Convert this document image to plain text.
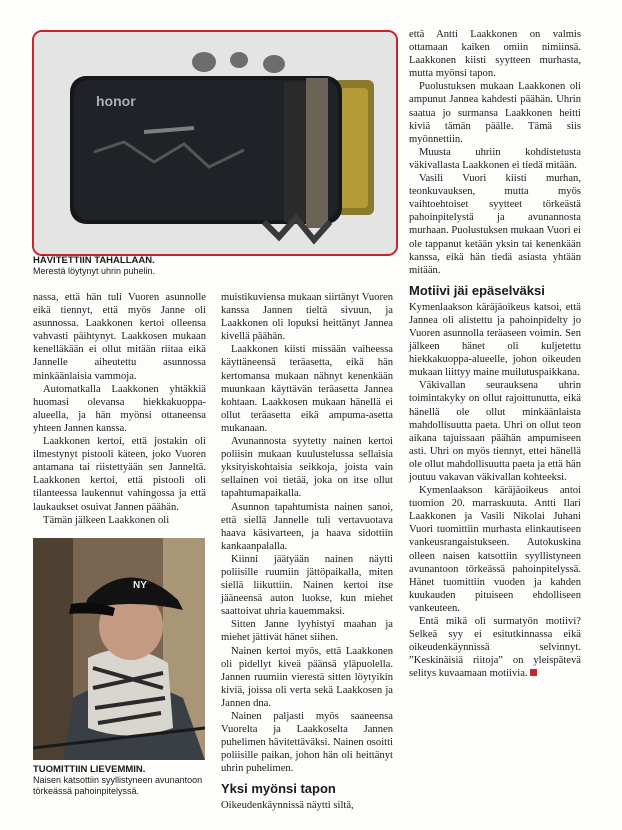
honor

HÄVITETTIIN TAHALLAAN.

Merestä löytynyt uhrin puhelin.

nassa, että hän tuli Vuoren asunnolle eikä tiennyt, että myös Janne oli asunnossa. Laakkonen kertoi olleensa vahvasti päihtynyt. Laakkosen mukaan kenelläkään ei ollut mitään riitaa eikä Jannelle aiheutettu asunnossa minkäänlaisia vammoja.

Automatkalla Laakkonen yhtäkkiä huomasi olevansa hiekkakuoppa-alueella, ja hän myönsi ottaneensa yhteen Jannen kanssa.

Laakkonen kertoi, että jostakin oli ilmestynyt pistooli käteen, joko Vuoren antamana tai riistettyään sen Janneltä. Laakkonen kertoi, että pistooli oli tilanteessa laukennut vahingossa ja että laukaukset osuivat Jannen päähän.

Tämän jälkeen Laakkonen oli

NY

TUOMITTIIN LIEVEMMIN.

Naisen katsottiin syyllistyneen avunantoon törkeässä pahoinpitelyssä.

muistikuviensa mukaan siirtänyt Vuoren kanssa Jannen tieltä sivuun, ja Laakkonen oli lopuksi heittänyt Jannea kivellä päähän.

Laakkonen kiisti missään vaiheessa käyttäneensä teräasetta, eikä hän kertomansa mukaan nähnyt kenenkään muunkaan käyttävän teräasetta Jannea kohtaan. Laakkosen mukaan hänellä ei ollut teräasetta eikä ampuma-asetta mukanaan.

Avunannosta syytetty nainen kertoi poliisin mukaan kuulustelussa sellaisia yksityiskohtaisia seikkoja, joista vain sellainen voi tietää, joka on itse ollut tapahtumapaikalla.

Asunnon tapahtumista nainen sanoi, että siellä Jannelle tuli vertavuotava haava käsivarteen, ja haava sidottiin kankaanpalalla.

Kiinni jäätyään nainen näytti poliisille ruumiin jättöpaikalla, miten siellä liikuttiin. Nainen kertoi itse jääneensä auton luokse, kun miehet saattoivat uhria kauemmaksi.

Sitten Janne lyyhistyi maahan ja miehet jättivät hänet siihen.

Nainen kertoi myös, että Laakkonen oli pidellyt kiveä päänsä yläpuolella. Jannen ruumiin vierestä sitten löytyikin kiviä, joissa oli verta sekä Laakkosen ja Jannen dna.

Nainen paljasti myös saaneensa Vuorelta ja Laakkoselta Jannen puhelimen hävitettäväksi. Nainen osoitti poliisille paikan, johon hän oli heittänyt uhrin puhelimen.

Yksi myönsi tapon

Oikeudenkäynnissä näytti siltä,

että Antti Laakkonen on valmis ottamaan kaiken omiin nimiinsä. Laakkonen kiisti syytteen murhasta, mutta myönsi tapon.

Puolustuksen mukaan Laakkonen oli ampunut Jannea kahdesti päähän. Uhrin saatua jo surmansa Laakkonen heitti kiviä tämän päälle. Tämä siis myönnettiin.

Muusta uhriin kohdistetusta väkivallasta Laakkonen ei tiedä mitään.

Vasili Vuori kiisti murhan, teonkuvauksen, mutta myös vaihtoehtoiset syytteet törkeästä pahoinpitelystä ja avunannosta murhaan. Puolustuksen mukaan Vuori ei ole tappanut ketään yksin tai kenenkään kanssa, eikä hän tiedä asiasta yhtään mitään.

Motiivi jäi epäselväksi

Kymenlaakson käräjäoikeus katsoi, että Jannea oli alistettu ja pahoinpidelty jo Vuoren asunnolla teräaseen voimin. Sen jälkeen hänet oli kuljetettu hiekkakuoppa-alueelle, johon oikeuden mukaan liittyy maine muilutuspaikkana.

Väkivallan seurauksena uhrin toimintakyky on ollut rajoittunutta, eikä hänellä ole ollut minkäänlaista mahdollisuutta paeta. Uhri on ollut teon aikana tajuissaan päähän ampumiseen asti. Uhri on myös tiennyt, ettei hänellä ole ollut mahdollisuutta paeta ja että hän joutuu vakavan väkivallan kohteeksi.

Kymenlaakson käräjäoikeus antoi tuomion 20. marraskuuta. Antti Ilari Laakkonen ja Vasili Nikolai Juhani Vuori tuomittiin murhasta elinkautiseen vankeusrangaistukseen. Autokuskina olleen naisen katsottiin syyllistyneen avunantoon törkeässä pahoinpitelyssä. Hänet tuomittiin vuoden ja kahden kuukauden pituiseen ehdolliseen vankeuteen.

Entä mikä oli surmatyön motiivi? Selkeä syy ei esitutkinnassa eikä oikeudenkäynnissä selvinnyt. ”Keskinäisiä riitoja” on yleispätevä selitys kuvaamaan motiivia.
